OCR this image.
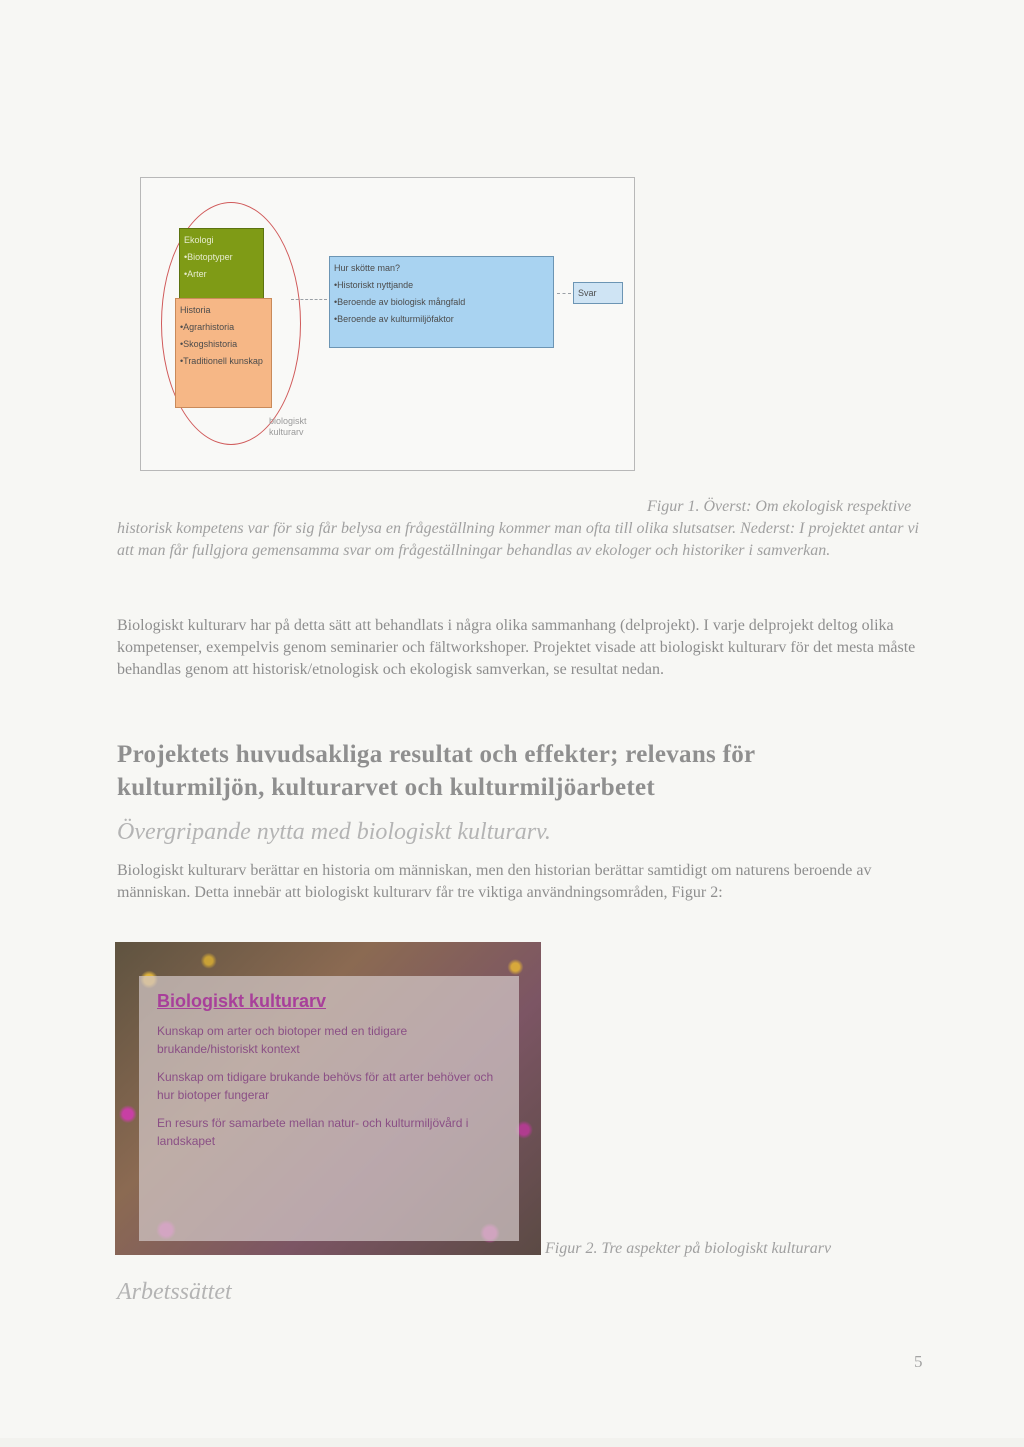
Ekologi
•Biotoptyper
•Arter
Historia
•Agrarhistoria
•Skogshistoria
•Traditionell kunskap
biologiskt kulturarv
Hur skötte man?
•Historiskt nyttjande
•Beroende av biologisk mångfald
•Beroende av kulturmiljöfaktor
Svar
Figur 1. Överst: Om ekologisk respektive historisk kompetens var för sig får belysa en frågeställning kommer man ofta till olika slutsatser. Nederst: I projektet antar vi att man får fullgjora gemensamma svar om frågeställningar behandlas av ekologer och historiker i samverkan.
Biologiskt kulturarv har på detta sätt att behandlats i några olika sammanhang (delprojekt). I varje delprojekt deltog olika kompetenser, exempelvis genom seminarier och fältworkshoper. Projektet visade att biologiskt kulturarv för det mesta måste behandlas genom att historisk/etnologisk och ekologisk samverkan, se resultat nedan.
Projektets huvudsakliga resultat och effekter; relevans för kulturmiljön, kulturarvet och kulturmiljöarbetet
Övergripande nytta med biologiskt kulturarv.
Biologiskt kulturarv berättar en historia om människan, men den historian berättar samtidigt om naturens beroende av människan. Detta innebär att biologiskt kulturarv får tre viktiga användningsområden, Figur 2:
Biologiskt kulturarv
Kunskap om arter och biotoper med en tidigare brukande/historiskt kontext
Kunskap om tidigare brukande behövs för att arter behöver och hur biotoper fungerar
En resurs för samarbete mellan natur- och kulturmiljövård i landskapet
Figur 2. Tre aspekter på biologiskt kulturarv
Arbetssättet
5
